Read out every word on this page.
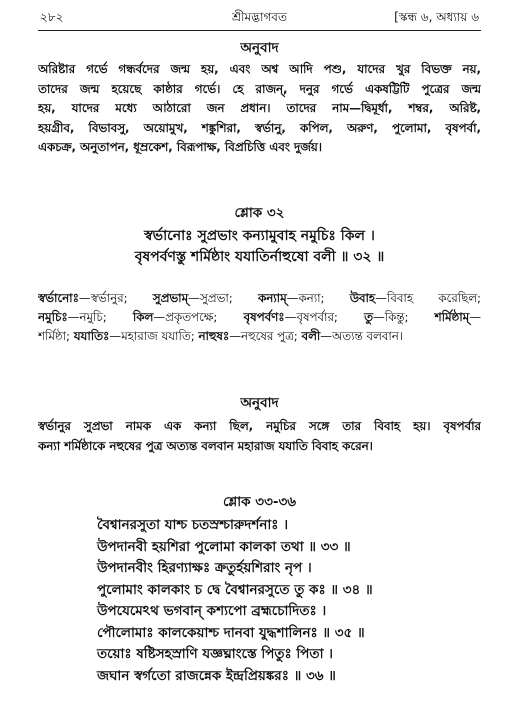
২৮২	শ্রীমদ্ভাগবত	[স্কন্ধ ৬, অধ্যায় ৬
অনুবাদ
অরিষ্টার গর্ভে গন্ধর্বদের জন্ম হয়, এবং অশ্ব আদি পশু, যাদের খুর বিভক্ত নয়,
তাদের জন্ম হয়েছে কাষ্ঠার গর্ভে। হে রাজন্‌, দনুর গর্ভে একষট্টিটি পুত্রের জন্ম
হয়, যাদের মধ্যে আঠারো জন প্রধান। তাদের নাম—দ্বিমূর্ধা, শম্বর, অরিষ্ট,
হয়গ্রীব, বিভাবসু, অয়োমুখ, শঙ্কুশিরা, স্বর্ভানু, কপিল, অরুণ, পুলোমা, বৃষপর্বা,
একচক্র, অনুতাপন, ধূম্রকেশ, বিরূপাক্ষ, বিপ্রচিত্তি এবং দুর্জয়।
শ্লোক ৩২
স্বর্ভানোঃ সুপ্রভাং কন্যামুবাহ নমুচিঃ কিল ।
বৃষপর্বণস্তু শর্মিষ্ঠাং যযাতির্নাহুষো বলী ॥ ৩২ ॥
স্বর্ভানোঃ—স্বর্ভানুর; সুপ্রভাম্‌—সুপ্রভা; কন্যাম্‌—কন্যা; উবাহ—বিবাহ করেছিল;
নমুচিঃ—নমুচি; কিল—প্রকৃতপক্ষে; বৃষপর্বণঃ—বৃষপর্বার; তু—কিন্তু; শর্মিষ্ঠাম্‌—
শর্মিষ্ঠা; যযাতিঃ—মহারাজ যযাতি; নাহুষঃ—নহুষের পুত্র; বলী—অত্যন্ত বলবান।
অনুবাদ
স্বর্ভানুর সুপ্রভা নামক এক কন্যা ছিল, নমুচির সঙ্গে তার বিবাহ হয়। বৃষপর্বার
কন্যা শর্মিষ্ঠাকে নহুষের পুত্র অত্যন্ত বলবান মহারাজ যযাতি বিবাহ করেন।
শ্লোক ৩৩-৩৬
বৈশ্বানরসুতা যাশ্চ চতস্রশ্চারুদর্শনাঃ ।
উপদানবী হয়শিরা পুলোমা কালকা তথা ॥ ৩৩ ॥
উপদানবীং হিরণ্যাক্ষঃ ক্রতুর্হয়শিরাং নৃপ ।
পুলোমাং কালকাং চ দ্বে বৈশ্বানরসুতে তু কঃ ॥ ৩৪ ॥
উপযেমেঽথ ভগবান্‌ কশ্যপো ব্রহ্মচোদিতঃ ।
পৌলোমাঃ কালকেয়াশ্চ দানবা যুদ্ধশালিনঃ ॥ ৩৫ ॥
তয়োঃ ষষ্টিসহস্রাণি যজ্ঞঘ্নাংস্তে পিতুঃ পিতা ।
জঘান স্বর্গতো রাজন্নেক ইন্দ্রপ্রিয়ঙ্করঃ ॥ ৩৬ ॥
